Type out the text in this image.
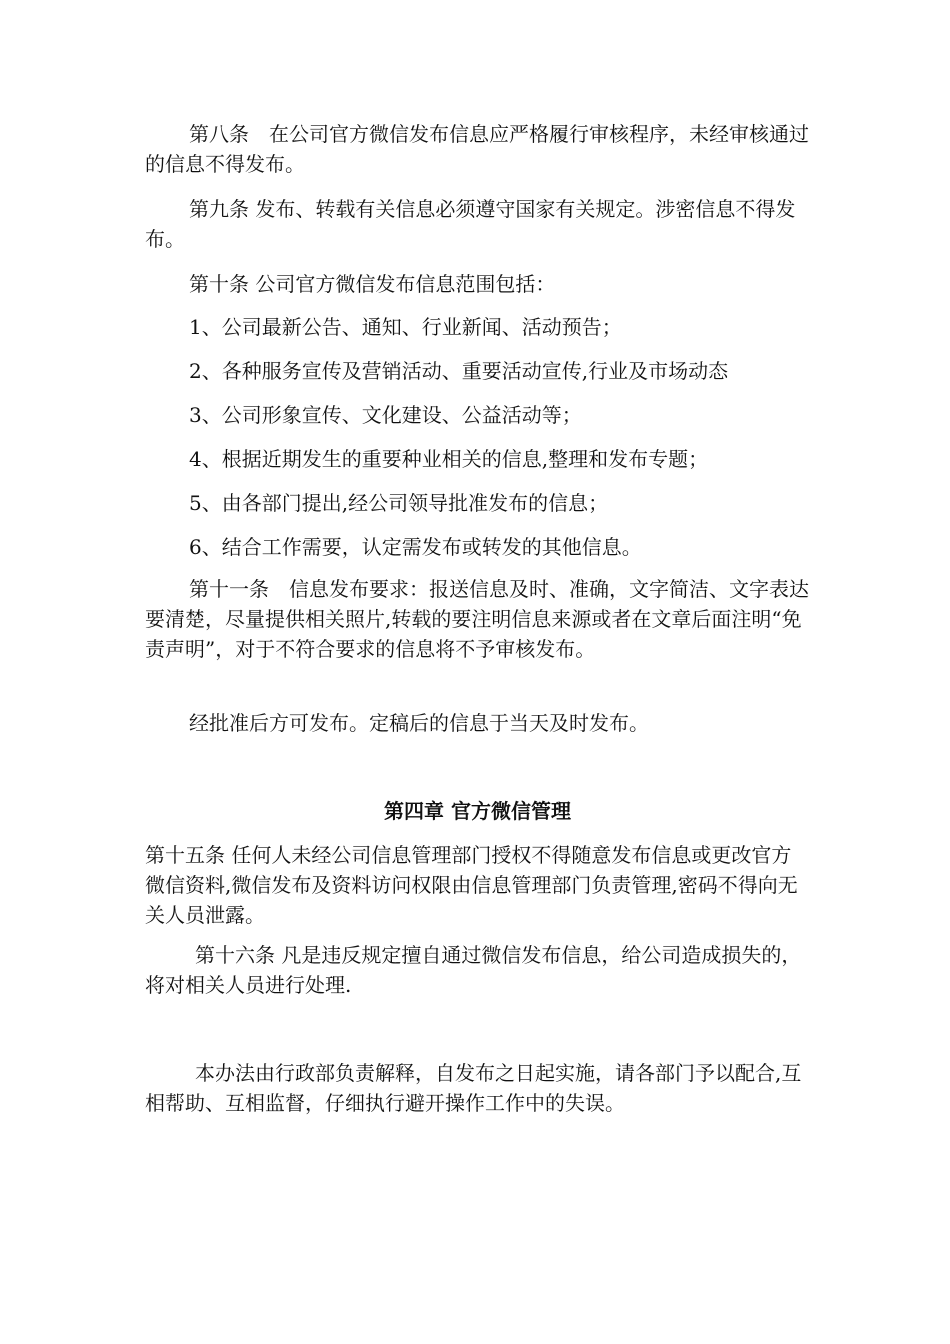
第八条　在公司官方微信发布信息应严格履行审核程序，未经审核通过的信息不得发布。
第九条 发布、转载有关信息必须遵守国家有关规定。涉密信息不得发布。
第十条 公司官方微信发布信息范围包括：
1、公司最新公告、通知、行业新闻、活动预告；
2、各种服务宣传及营销活动、重要活动宣传,行业及市场动态
3、公司形象宣传、文化建设、公益活动等；
4、根据近期发生的重要种业相关的信息,整理和发布专题；
5、由各部门提出,经公司领导批准发布的信息；
6、结合工作需要，认定需发布或转发的其他信息。
第十一条　信息发布要求：报送信息及时、准确，文字简洁、文字表达要清楚，尽量提供相关照片,转载的要注明信息来源或者在文章后面注明“免责声明”，对于不符合要求的信息将不予审核发布。
经批准后方可发布。定稿后的信息于当天及时发布。
第四章 官方微信管理
第十五条 任何人未经公司信息管理部门授权不得随意发布信息或更改官方微信资料,微信发布及资料访问权限由信息管理部门负责管理,密码不得向无关人员泄露。
第十六条 凡是违反规定擅自通过微信发布信息，给公司造成损失的，将对相关人员进行处理.
本办法由行政部负责解释，自发布之日起实施，请各部门予以配合,互相帮助、互相监督，仔细执行避开操作工作中的失误。
